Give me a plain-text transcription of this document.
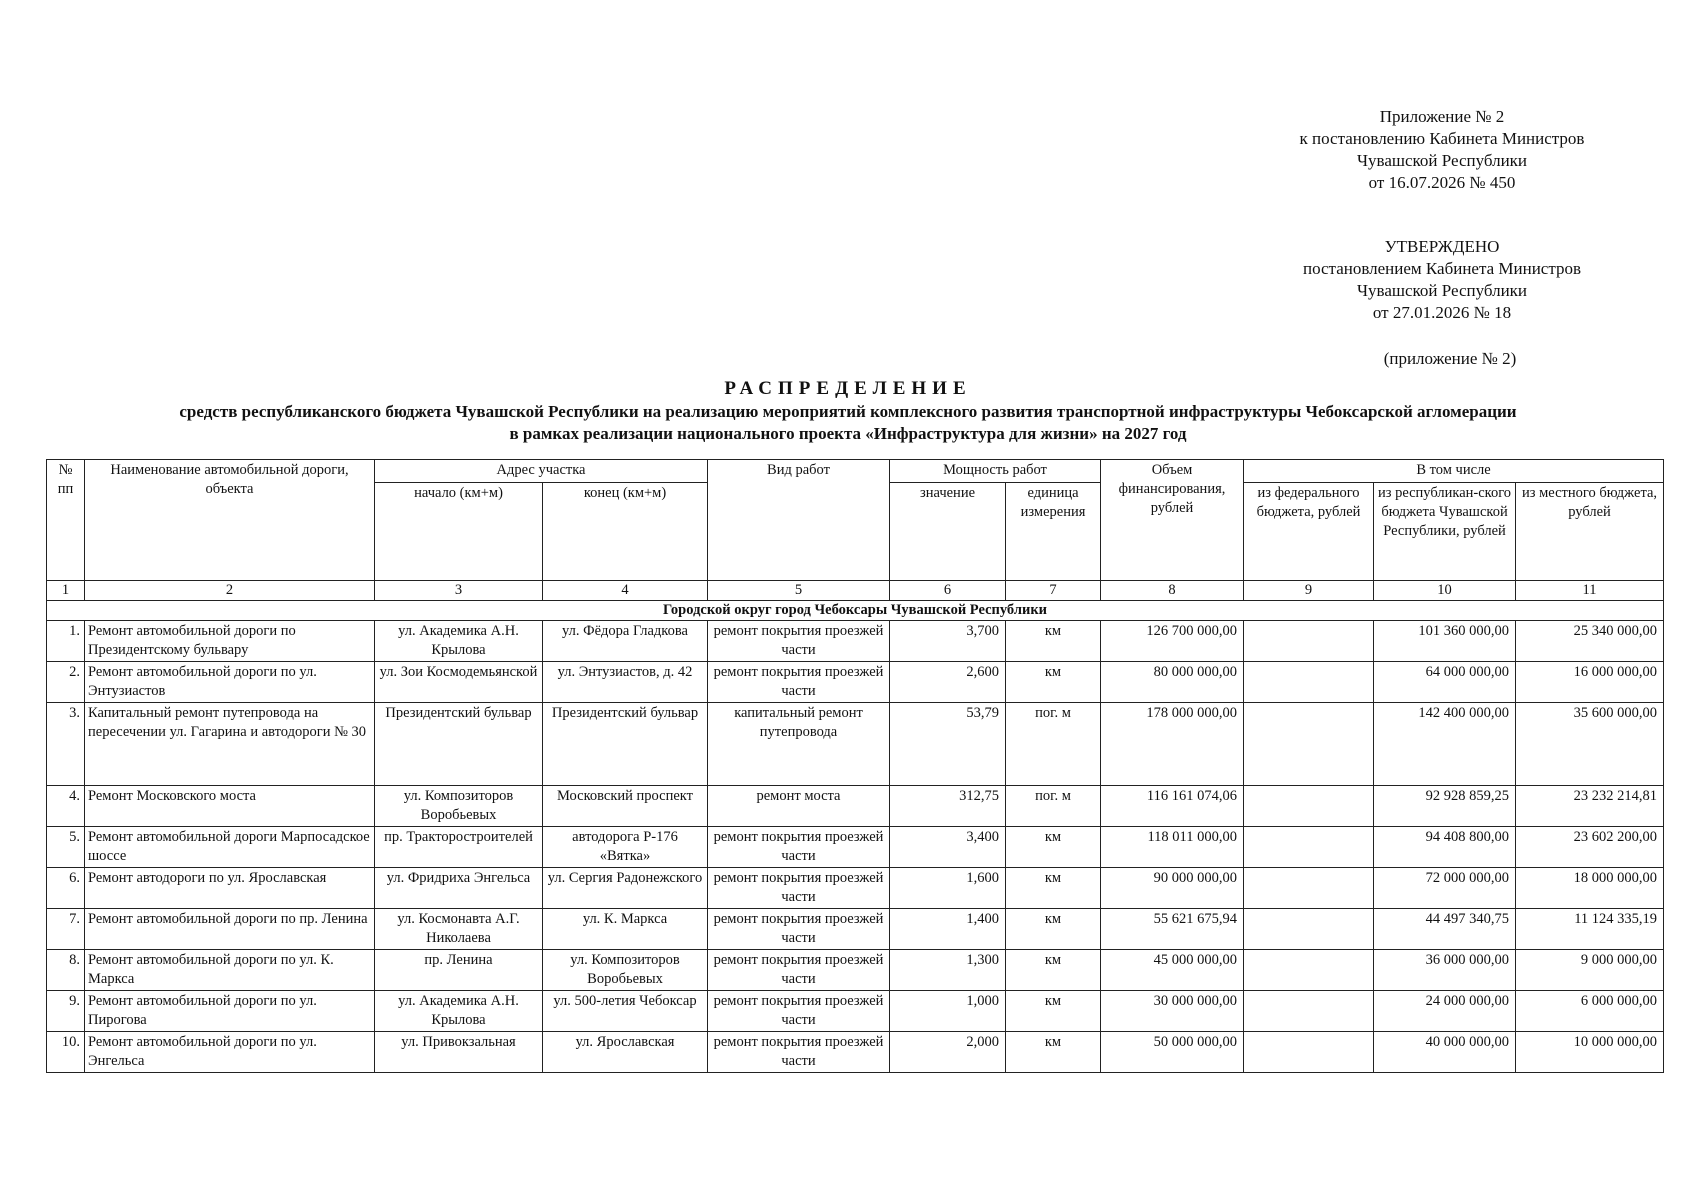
Приложение № 2
к постановлению Кабинета Министров
Чувашской Республики
от 16.07.2026 № 450
УТВЕРЖДЕНО
постановлением Кабинета Министров
Чувашской Республики
от 27.01.2026 № 18
(приложение № 2)
РАСПРЕДЕЛЕНИЕ
средств республиканского бюджета Чувашской Республики на реализацию мероприятий комплексного развития транспортной инфраструктуры Чебоксарской агломерации
в рамках реализации национального проекта «Инфраструктура для жизни» на 2027 год
№ пп	Наименование автомобильной дороги, объекта	Адрес участка		Вид работ	Мощность работ		Объем финансирования, рублей	В том числе		
		начало (км+м)	конец (км+м)		значение	единица измерения		из федерального бюджета, рублей	из республикан-ского бюджета Чувашской Республики, рублей	из местного бюджета, рублей
1	2	3	4	5	6	7	8	9	10	11
Городской округ город Чебоксары Чувашской Республики										
1.	Ремонт автомобильной дороги по Президентскому бульвару	ул. Академика А.Н. Крылова	ул. Фёдора Гладкова	ремонт покрытия проезжей части	3,700	км	126 700 000,00		101 360 000,00	25 340 000,00
2.	Ремонт автомобильной дороги по ул. Энтузиастов	ул. Зои Космодемьянской	ул. Энтузиастов, д. 42	ремонт покрытия проезжей части	2,600	км	80 000 000,00		64 000 000,00	16 000 000,00
3.	Капитальный ремонт путепровода на пересечении ул. Гагарина и автодороги № 30	Президентский бульвар	Президентский бульвар	капитальный ремонт путепровода	53,79	пог. м	178 000 000,00		142 400 000,00	35 600 000,00
4.	Ремонт Московского моста	ул. Композиторов Воробьевых	Московский проспект	ремонт моста	312,75	пог. м	116 161 074,06		92 928 859,25	23 232 214,81
5.	Ремонт автомобильной дороги Марпосадское шоссе	пр. Тракторостроителей	автодорога Р-176 «Вятка»	ремонт покрытия проезжей части	3,400	км	118 011 000,00		94 408 800,00	23 602 200,00
6.	Ремонт автодороги по ул. Ярославская	ул. Фридриха Энгельса	ул. Сергия Радонежского	ремонт покрытия проезжей части	1,600	км	90 000 000,00		72 000 000,00	18 000 000,00
7.	Ремонт автомобильной дороги по пр. Ленина	ул. Космонавта А.Г. Николаева	ул. К. Маркса	ремонт покрытия проезжей части	1,400	км	55 621 675,94		44 497 340,75	11 124 335,19
8.	Ремонт автомобильной дороги по ул. К. Маркса	пр. Ленина	ул. Композиторов Воробьевых	ремонт покрытия проезжей части	1,300	км	45 000 000,00		36 000 000,00	9 000 000,00
9.	Ремонт автомобильной дороги по ул. Пирогова	ул. Академика А.Н. Крылова	ул. 500-летия Чебоксар	ремонт покрытия проезжей части	1,000	км	30 000 000,00		24 000 000,00	6 000 000,00
10.	Ремонт автомобильной дороги по ул. Энгельса	ул. Привокзальная	ул. Ярославская	ремонт покрытия проезжей части	2,000	км	50 000 000,00		40 000 000,00	10 000 000,00
